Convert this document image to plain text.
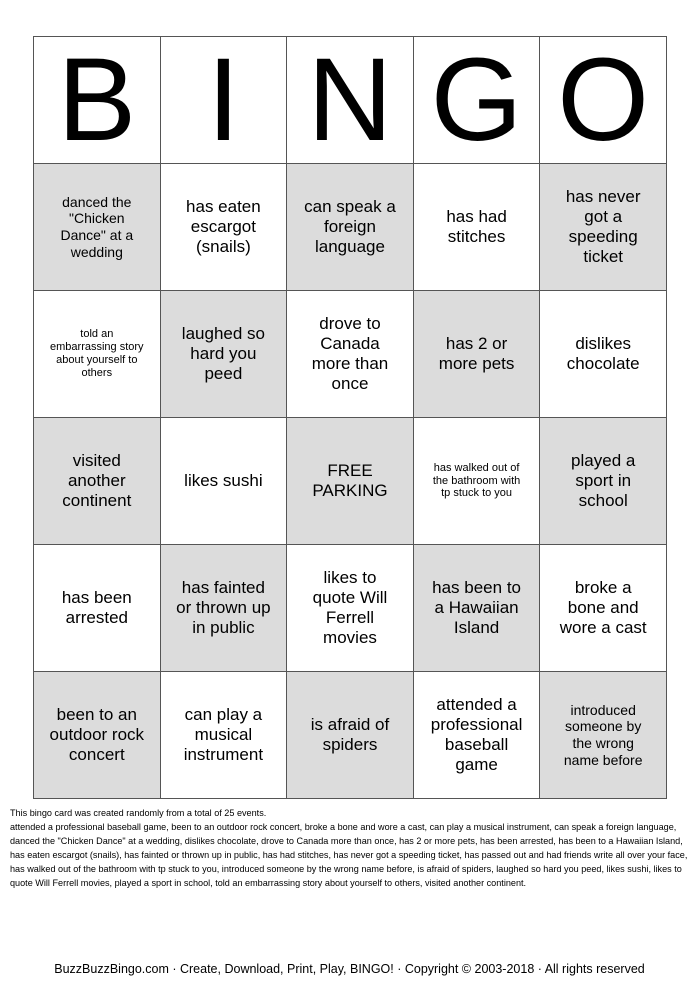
B	I	N	G	O
danced the "Chicken Dance" at a wedding	has eaten escargot (snails)	can speak a foreign language	has had stitches	has never got a speeding ticket
told an embarrassing story about yourself to others	laughed so hard you peed	drove to Canada more than once	has 2 or more pets	dislikes chocolate
visited another continent	likes sushi	FREE PARKING	has walked out of the bathroom with tp stuck to you	played a sport in school
has been arrested	has fainted or thrown up in public	likes to quote Will Ferrell movies	has been to a Hawaiian Island	broke a bone and wore a cast
been to an outdoor rock concert	can play a musical instrument	is afraid of spiders	attended a professional baseball game	introduced someone by the wrong name before

This bingo card was created randomly from a total of 25 events.

attended a professional baseball game, been to an outdoor rock concert, broke a bone and wore a cast, can play a musical instrument, can speak a foreign language, danced the "Chicken Dance" at a wedding, dislikes chocolate, drove to Canada more than once, has 2 or more pets, has been arrested, has been to a Hawaiian Island, has eaten escargot (snails), has fainted or thrown up in public, has had stitches, has never got a speeding ticket, has passed out and had friends write all over your face, has walked out of the bathroom with tp stuck to you, introduced someone by the wrong name before, is afraid of spiders, laughed so hard you peed, likes sushi, likes to quote Will Ferrell movies, played a sport in school, told an embarrassing story about yourself to others, visited another continent.

BuzzBuzzBingo.com · Create, Download, Print, Play, BINGO! · Copyright © 2003-2018 · All rights reserved
